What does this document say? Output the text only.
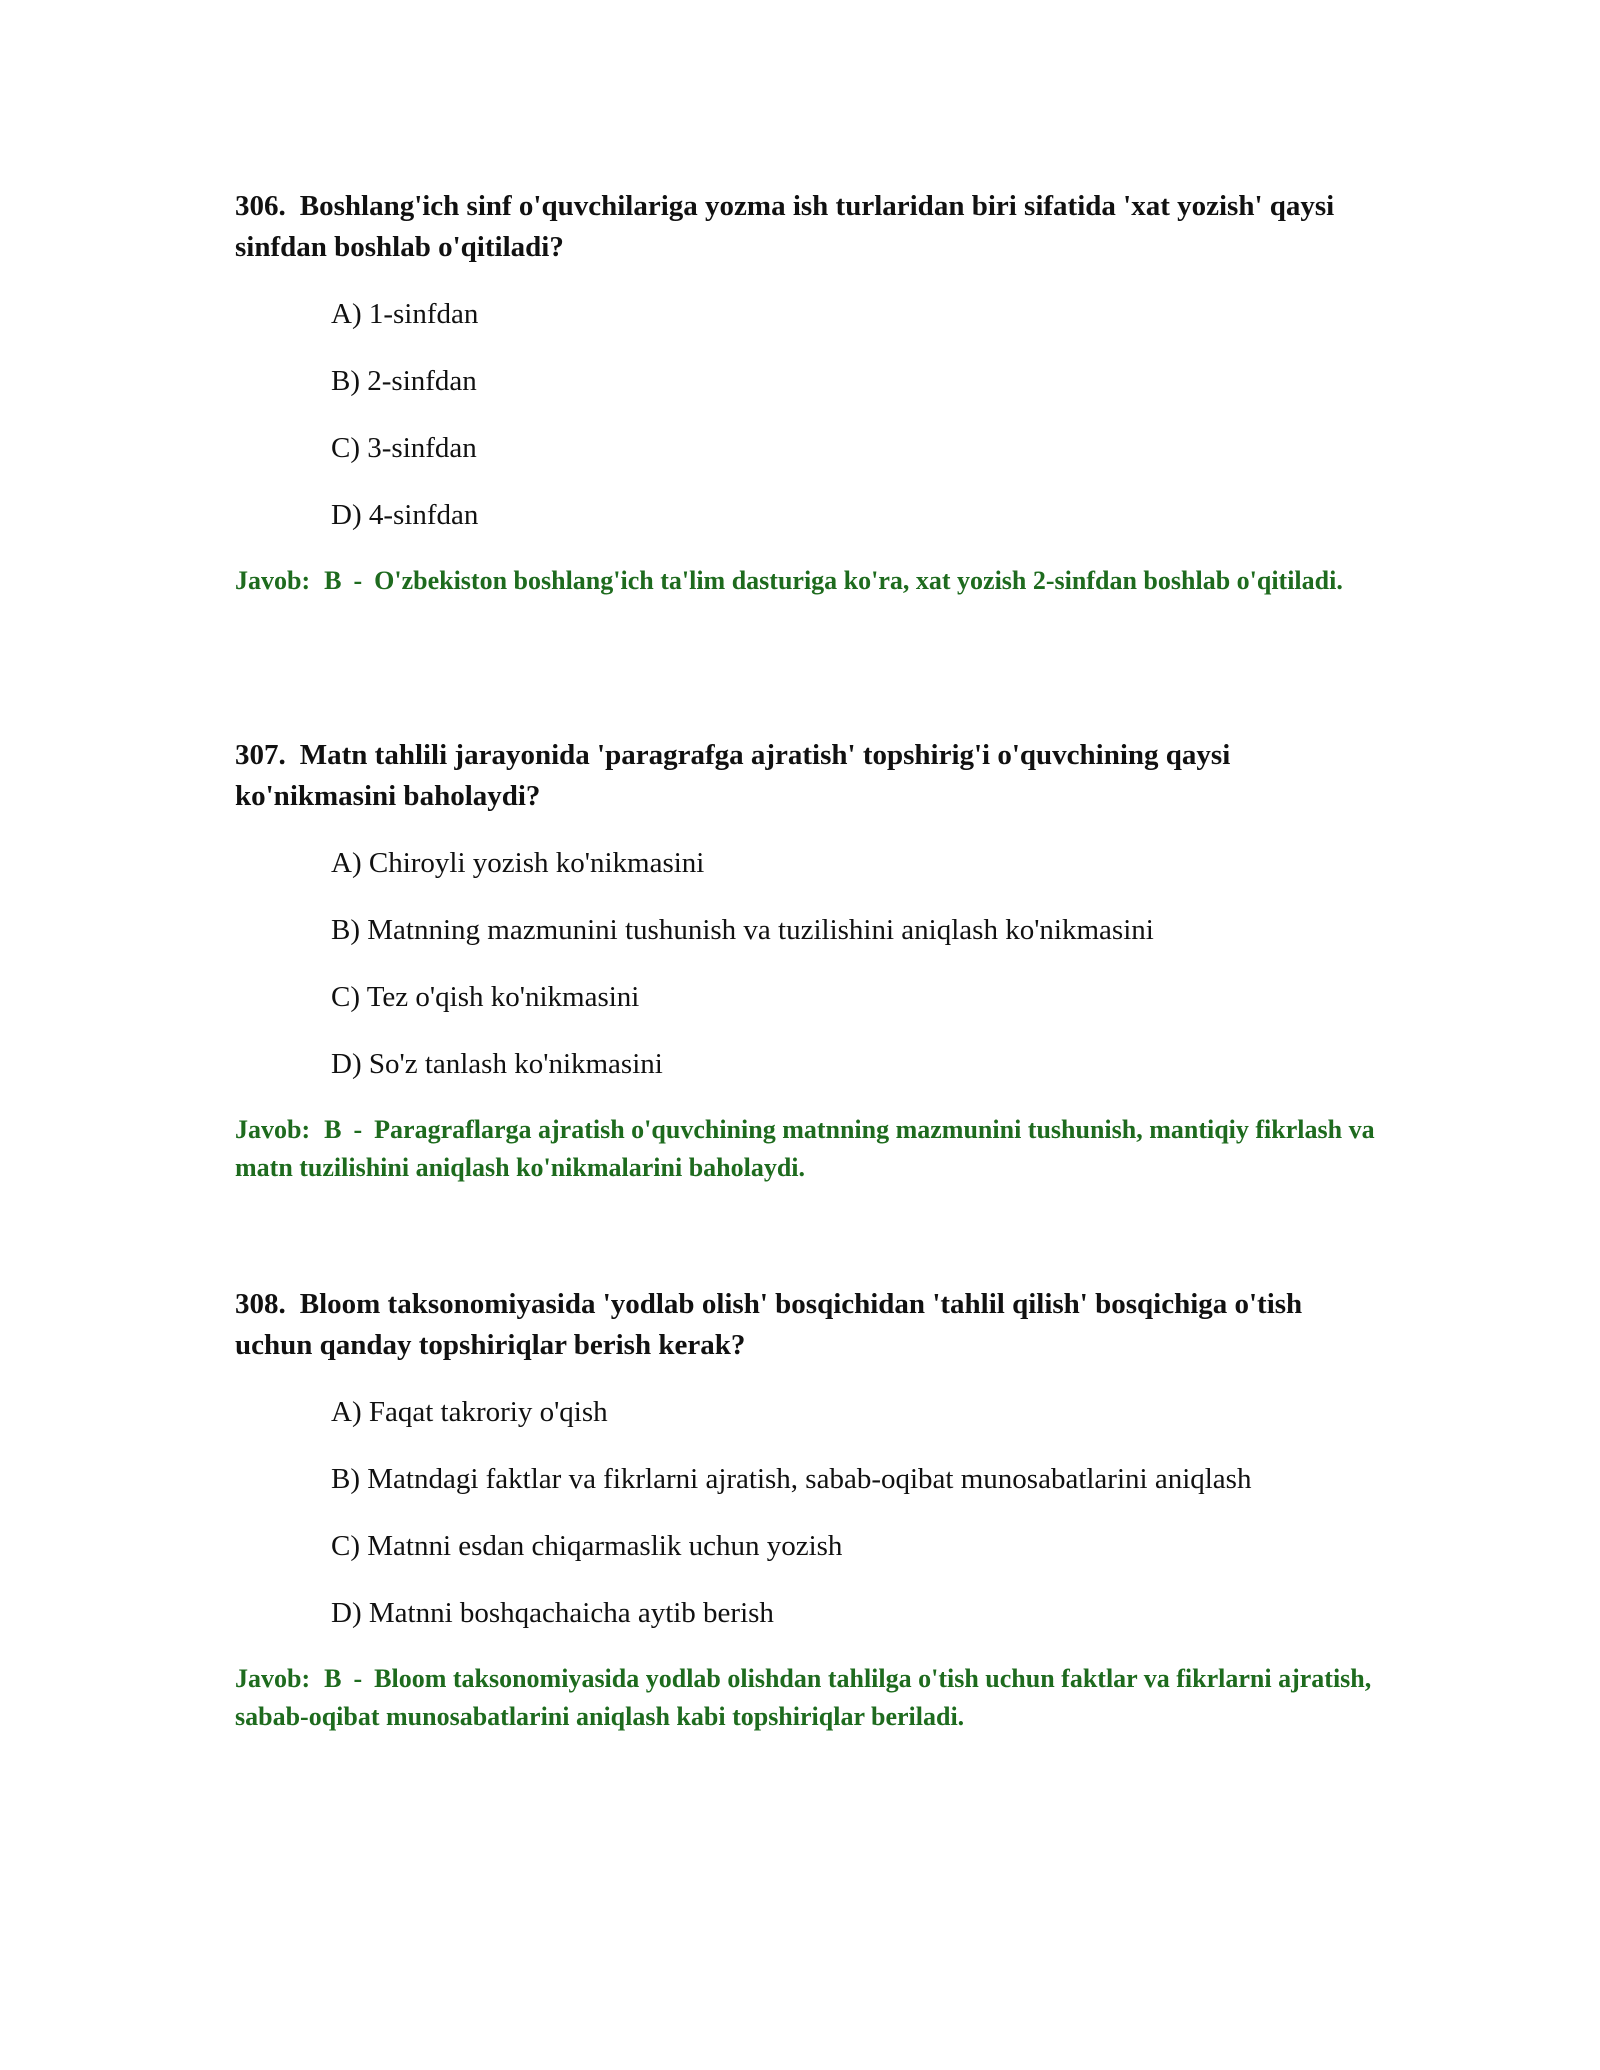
306. Boshlang'ich sinf o'quvchilariga yozma ish turlaridan biri sifatida 'xat yozish' qaysi sinfdan boshlab o'qitiladi?

A) 1-sinfdan
B) 2-sinfdan
C) 3-sinfdan
D) 4-sinfdan

Javob: B - O'zbekiston boshlang'ich ta'lim dasturiga ko'ra, xat yozish 2-sinfdan boshlab o'qitiladi.

307. Matn tahlili jarayonida 'paragrafga ajratish' topshirig'i o'quvchining qaysi ko'nikmasini baholaydi?

A) Chiroyli yozish ko'nikmasini
B) Matnning mazmunini tushunish va tuzilishini aniqlash ko'nikmasini
C) Tez o'qish ko'nikmasini
D) So'z tanlash ko'nikmasini

Javob: B - Paragraflarga ajratish o'quvchining matnning mazmunini tushunish, mantiqiy fikrlash va matn tuzilishini aniqlash ko'nikmalarini baholaydi.

308. Bloom taksonomiyasida 'yodlab olish' bosqichidan 'tahlil qilish' bosqichiga o'tish uchun qanday topshiriqlar berish kerak?

A) Faqat takroriy o'qish
B) Matndagi faktlar va fikrlarni ajratish, sabab-oqibat munosabatlarini aniqlash
C) Matnni esdan chiqarmaslik uchun yozish
D) Matnni boshqachaicha aytib berish

Javob: B - Bloom taksonomiyasida yodlab olishdan tahlilga o'tish uchun faktlar va fikrlarni ajratish, sabab-oqibat munosabatlarini aniqlash kabi topshiriqlar beriladi.
